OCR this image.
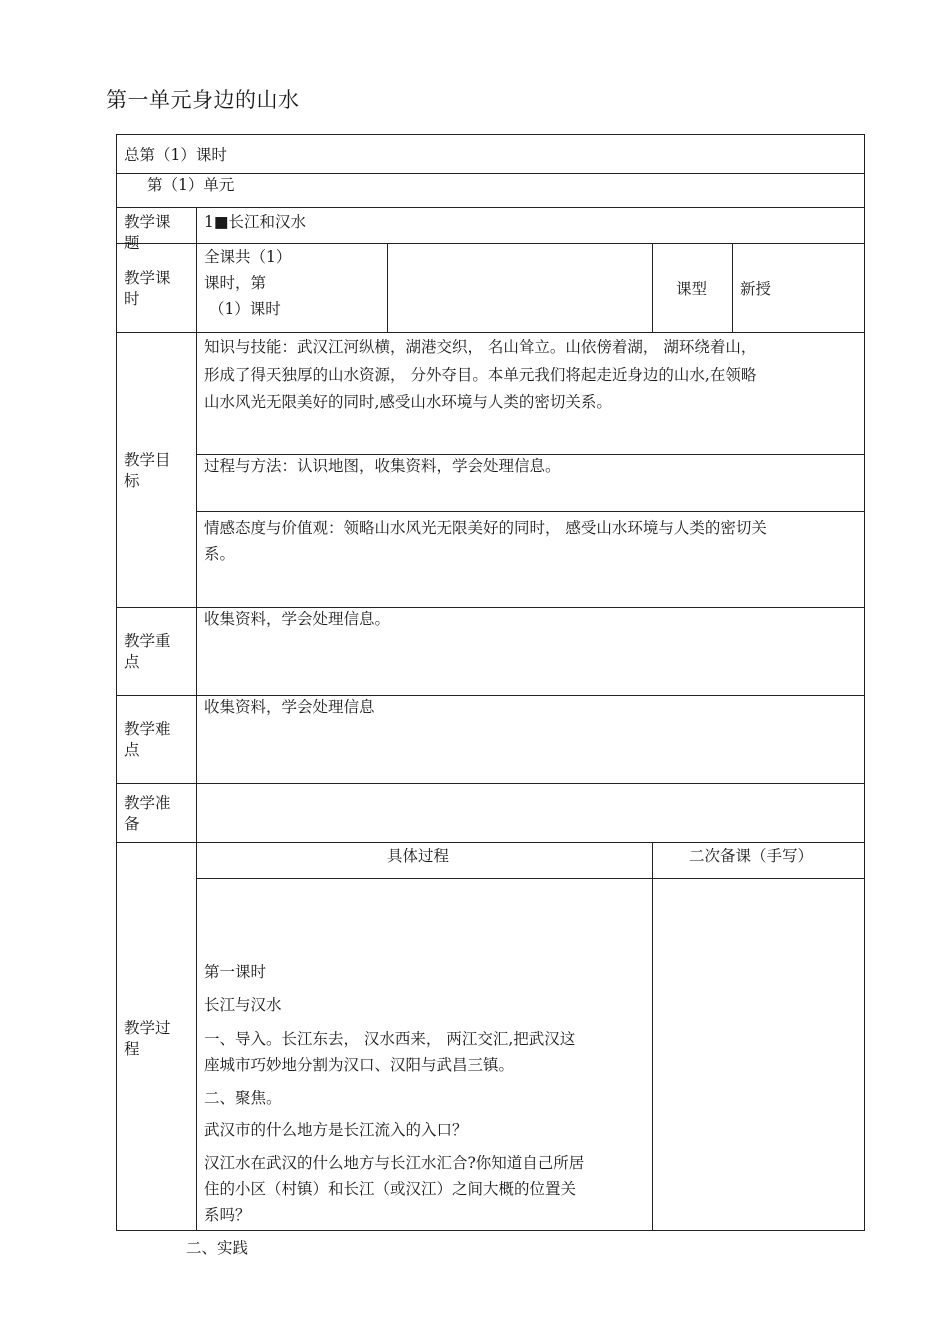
第一单元身边的山水
总第（1）课时
第（1）单元
教学课题
1■长江和汉水
教学课时
全课共（1）
课时，第
（1）课时
课型 新授
教学目标
知识与技能：武汉江河纵横，湖港交织， 名山耸立。山依傍着湖， 湖环绕着山，
形成了得天独厚的山水资源， 分外夺目。本单元我们将起走近身边的山水,在领略
山水风光无限美好的同时,感受山水环境与人类的密切关系。
过程与方法：认识地图，收集资料，学会处理信息。
情感态度与价值观：领略山水风光无限美好的同时， 感受山水环境与人类的密切关
系。
教学重点
收集资料，学会处理信息。
教学难点
收集资料，学会处理信息
教学准备
教学过程
具体过程	二次备课（手写）
第一课时
长江与汉水
一、导入。长江东去， 汉水西来， 两江交汇,把武汉这
座城市巧妙地分割为汉口、汉阳与武昌三镇。
二、聚焦。
武汉市的什么地方是长江流入的入口？
汉江水在武汉的什么地方与长江水汇合?你知道自己所居
住的小区（村镇）和长江（或汉江）之间大概的位置关
系吗？
二、实践
